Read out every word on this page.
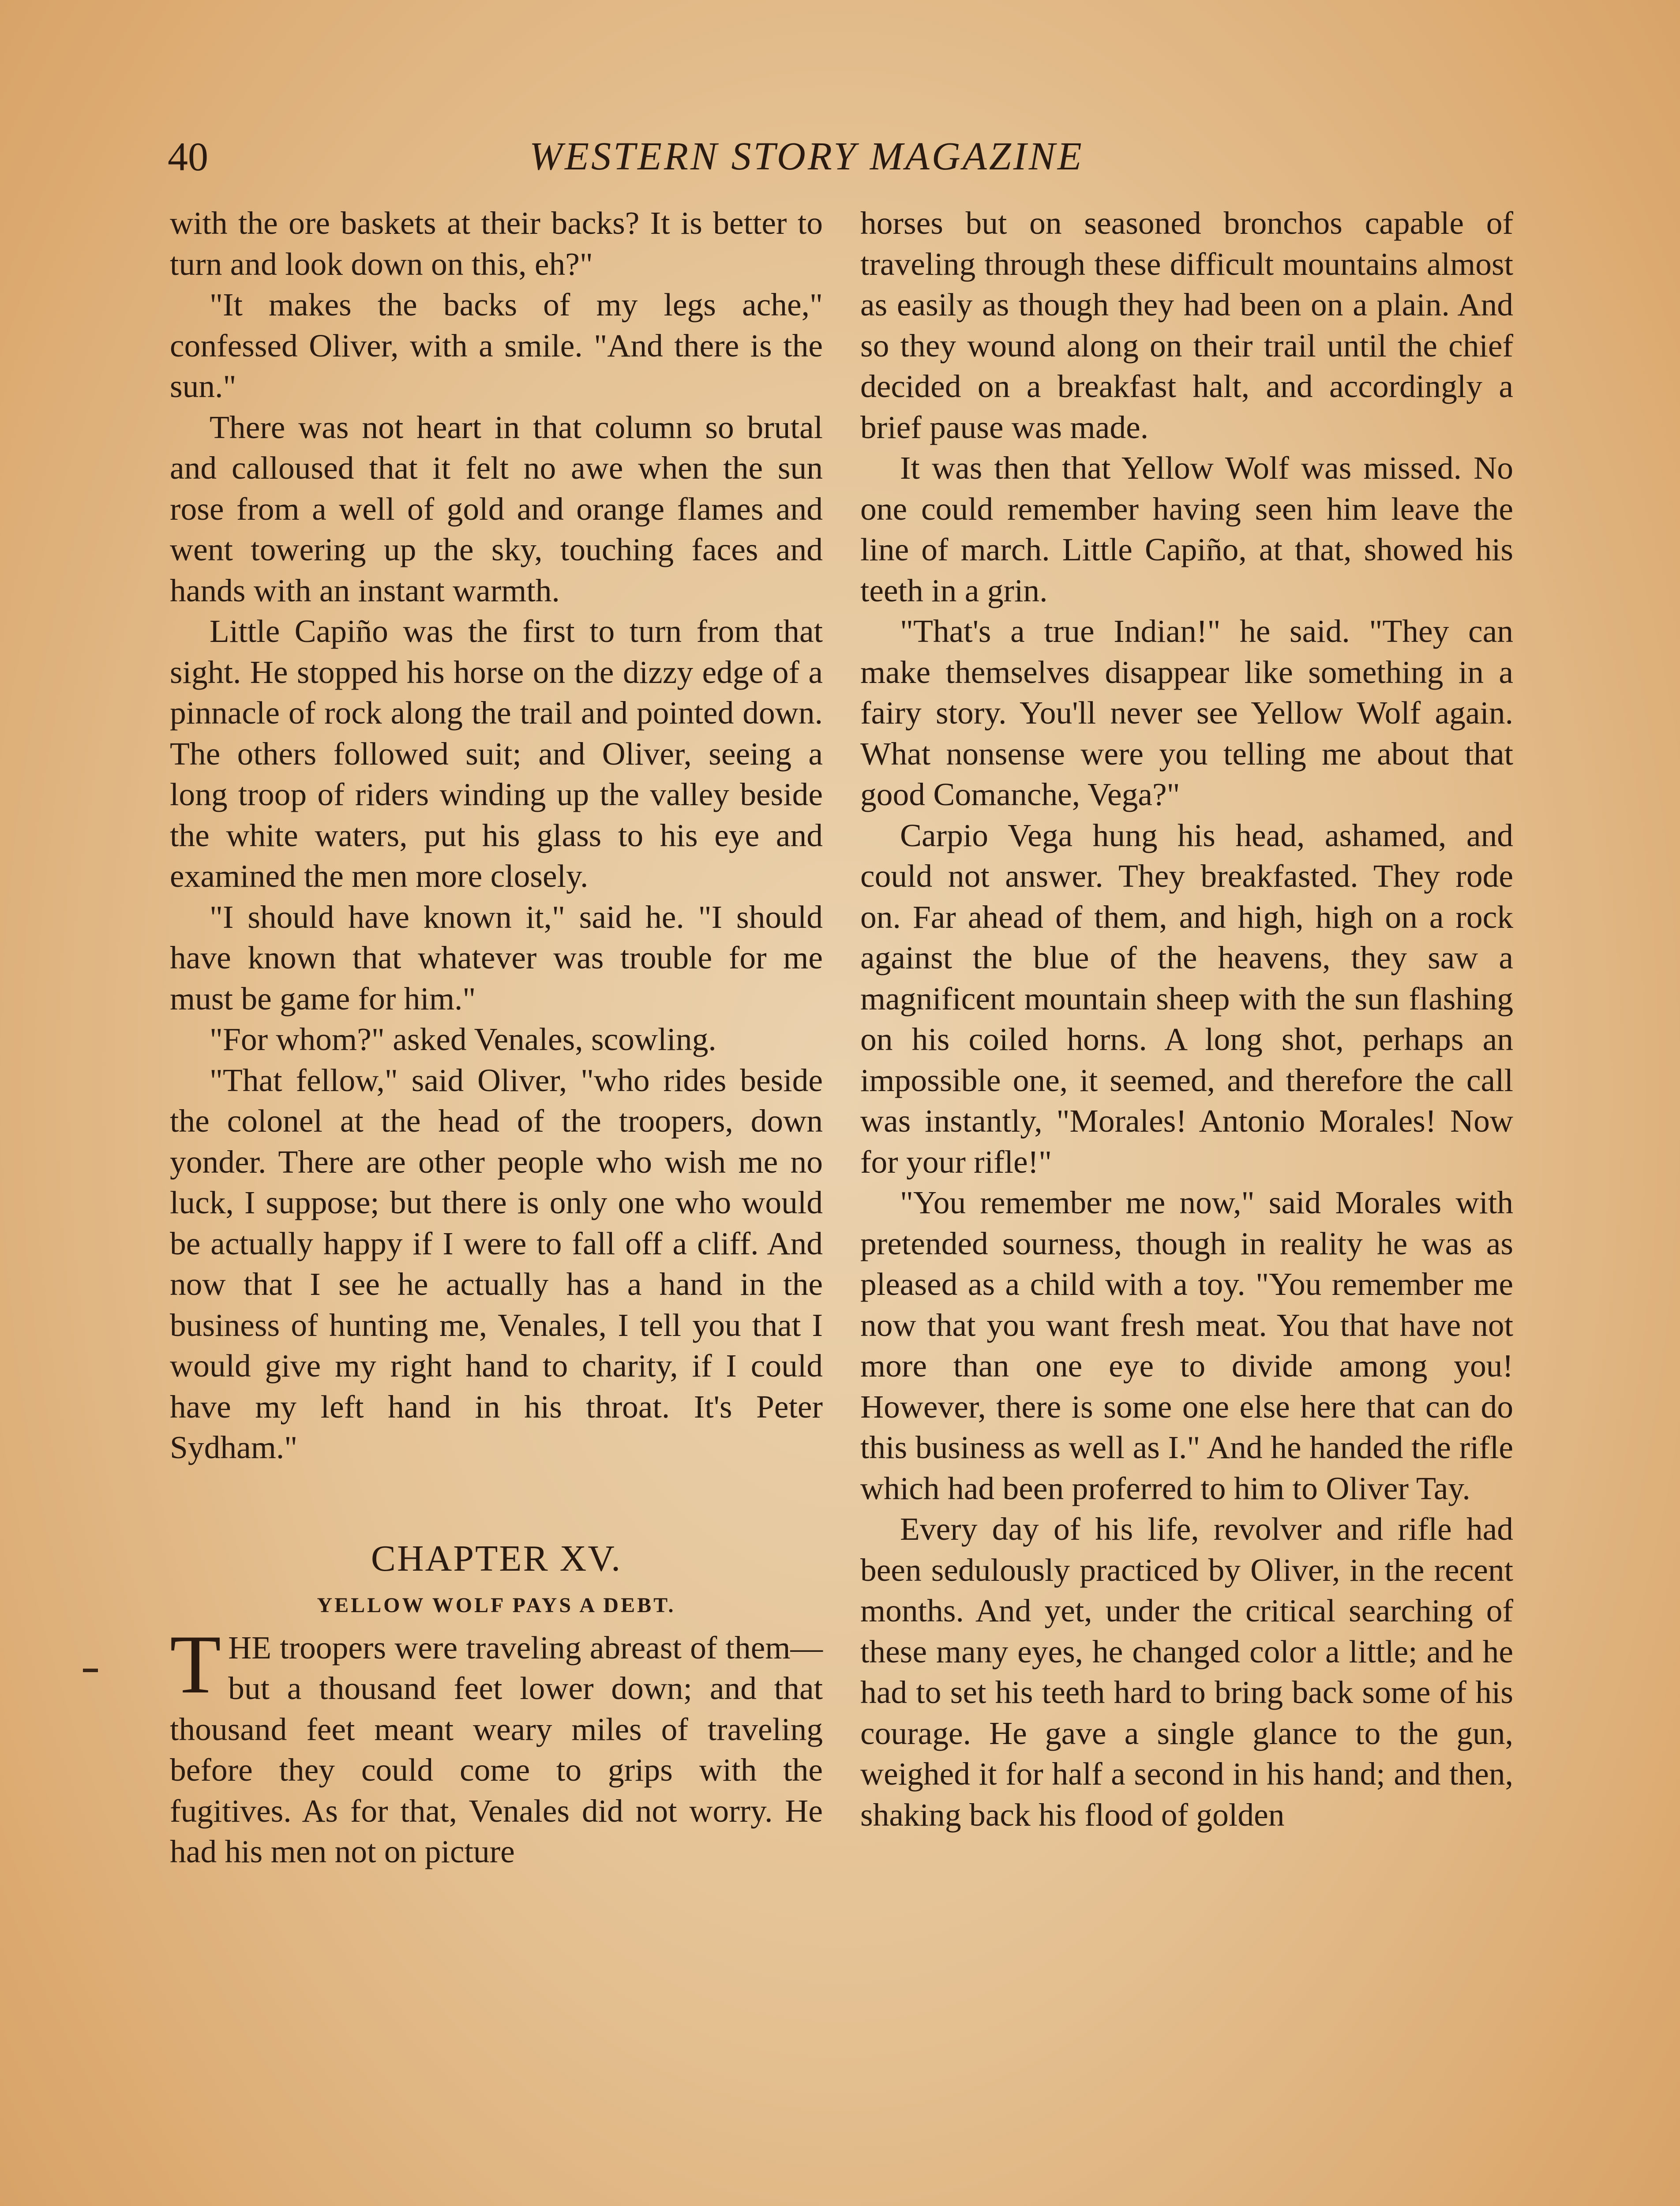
40	WESTERN STORY MAGAZINE

with the ore baskets at their backs? It is better to turn and look down on this, eh?"

"It makes the backs of my legs ache," confessed Oliver, with a smile. "And there is the sun."

There was not heart in that column so brutal and calloused that it felt no awe when the sun rose from a well of gold and orange flames and went towering up the sky, touching faces and hands with an instant warmth.

Little Capiño was the first to turn from that sight. He stopped his horse on the dizzy edge of a pinnacle of rock along the trail and pointed down. The others followed suit; and Oliver, seeing a long troop of riders winding up the valley beside the white waters, put his glass to his eye and examined the men more closely.

"I should have known it," said he. "I should have known that whatever was trouble for me must be game for him."

"For whom?" asked Venales, scowling.

"That fellow," said Oliver, "who rides beside the colonel at the head of the troopers, down yonder. There are other people who wish me no luck, I suppose; but there is only one who would be actually happy if I were to fall off a cliff. And now that I see he actually has a hand in the business of hunting me, Venales, I tell you that I would give my right hand to charity, if I could have my left hand in his throat. It's Peter Sydham."

CHAPTER XV.
YELLOW WOLF PAYS A DEBT.

THE troopers were traveling abreast of them—but a thousand feet lower down; and that thousand feet meant weary miles of traveling before they could come to grips with the fugitives. As for that, Venales did not worry. He had his men not on picture

horses but on seasoned bronchos capable of traveling through these difficult mountains almost as easily as though they had been on a plain. And so they wound along on their trail until the chief decided on a breakfast halt, and accordingly a brief pause was made.

It was then that Yellow Wolf was missed. No one could remember having seen him leave the line of march. Little Capiño, at that, showed his teeth in a grin.

"That's a true Indian!" he said. "They can make themselves disappear like something in a fairy story. You'll never see Yellow Wolf again. What nonsense were you telling me about that good Comanche, Vega?"

Carpio Vega hung his head, ashamed, and could not answer. They breakfasted. They rode on. Far ahead of them, and high, high on a rock against the blue of the heavens, they saw a magnificent mountain sheep with the sun flashing on his coiled horns. A long shot, perhaps an impossible one, it seemed, and therefore the call was instantly, "Morales! Antonio Morales! Now for your rifle!"

"You remember me now," said Morales with pretended sourness, though in reality he was as pleased as a child with a toy. "You remember me now that you want fresh meat. You that have not more than one eye to divide among you! However, there is some one else here that can do this business as well as I." And he handed the rifle which had been proferred to him to Oliver Tay.

Every day of his life, revolver and rifle had been sedulously practiced by Oliver, in the recent months. And yet, under the critical searching of these many eyes, he changed color a little; and he had to set his teeth hard to bring back some of his courage. He gave a single glance to the gun, weighed it for half a second in his hand; and then, shaking back his flood of golden
